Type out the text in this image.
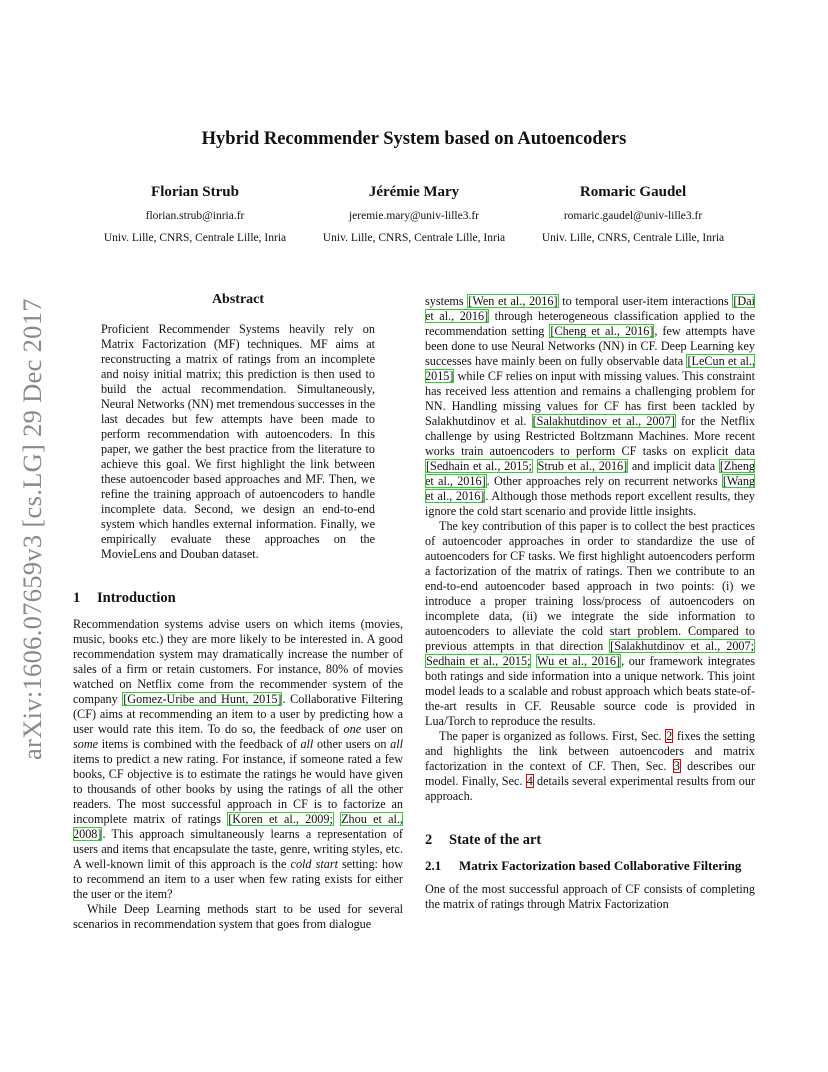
arXiv:1606.07659v3 [cs.LG] 29 Dec 2017
Hybrid Recommender System based on Autoencoders
Florian Strub
florian.strub@inria.fr
Univ. Lille, CNRS, Centrale Lille, Inria
Jérémie Mary
jeremie.mary@univ-lille3.fr
Univ. Lille, CNRS, Centrale Lille, Inria
Romaric Gaudel
romaric.gaudel@univ-lille3.fr
Univ. Lille, CNRS, Centrale Lille, Inria
Abstract
Proficient Recommender Systems heavily rely on Matrix Factorization (MF) techniques. MF aims at reconstructing a matrix of ratings from an incomplete and noisy initial matrix; this prediction is then used to build the actual recommendation. Simultaneously, Neural Networks (NN) met tremendous successes in the last decades but few attempts have been made to perform recommendation with autoencoders. In this paper, we gather the best practice from the literature to achieve this goal. We first highlight the link between these autoencoder based approaches and MF. Then, we refine the training approach of autoencoders to handle incomplete data. Second, we design an end-to-end system which handles external information. Finally, we empirically evaluate these approaches on the MovieLens and Douban dataset.
1	Introduction

Recommendation systems advise users on which items (movies, music, books etc.) they are more likely to be interested in. A good recommendation system may dramatically increase the number of sales of a firm or retain customers. For instance, 80% of movies watched on Netflix come from the recommender system of the company [Gomez-Uribe and Hunt, 2015]. Collaborative Filtering (CF) aims at recommending an item to a user by predicting how a user would rate this item. To do so, the feedback of one user on some items is combined with the feedback of all other users on all items to predict a new rating. For instance, if someone rated a few books, CF objective is to estimate the ratings he would have given to thousands of other books by using the ratings of all the other readers. The most successful approach in CF is to factorize an incomplete matrix of ratings [Koren et al., 2009; Zhou et al., 2008]. This approach simultaneously learns a representation of users and items that encapsulate the taste, genre, writing styles, etc. A well-known limit of this approach is the cold start setting: how to recommend an item to a user when few rating exists for either the user or the item?

While Deep Learning methods start to be used for several scenarios in recommendation system that goes from dialogue

systems [Wen et al., 2016] to temporal user-item interactions [Dai et al., 2016] through heterogeneous classification applied to the recommendation setting [Cheng et al., 2016], few attempts have been done to use Neural Networks (NN) in CF. Deep Learning key successes have mainly been on fully observable data [LeCun et al., 2015] while CF relies on input with missing values. This constraint has received less attention and remains a challenging problem for NN. Handling missing values for CF has first been tackled by Salakhutdinov et al. [Salakhutdinov et al., 2007] for the Netflix challenge by using Restricted Boltzmann Machines. More recent works train autoencoders to perform CF tasks on explicit data [Sedhain et al., 2015; Strub et al., 2016] and implicit data [Zheng et al., 2016]. Other approaches rely on recurrent networks [Wang et al., 2016]. Although those methods report excellent results, they ignore the cold start scenario and provide little insights.

The key contribution of this paper is to collect the best practices of autoencoder approaches in order to standardize the use of autoencoders for CF tasks. We first highlight autoencoders perform a factorization of the matrix of ratings. Then we contribute to an end-to-end autoencoder based approach in two points: (i) we introduce a proper training loss/process of autoencoders on incomplete data, (ii) we integrate the side information to autoencoders to alleviate the cold start problem. Compared to previous attempts in that direction [Salakhutdinov et al., 2007; Sedhain et al., 2015; Wu et al., 2016], our framework integrates both ratings and side information into a unique network. This joint model leads to a scalable and robust approach which beats state-of-the-art results in CF. Reusable source code is provided in Lua/Torch to reproduce the results.

The paper is organized as follows. First, Sec. 2 fixes the setting and highlights the link between autoencoders and matrix factorization in the context of CF. Then, Sec. 3 describes our model. Finally, Sec. 4 details several experimental results from our approach.

2	State of the art
2.1	Matrix Factorization based Collaborative Filtering

One of the most successful approach of CF consists of completing the matrix of ratings through Matrix Factorization
